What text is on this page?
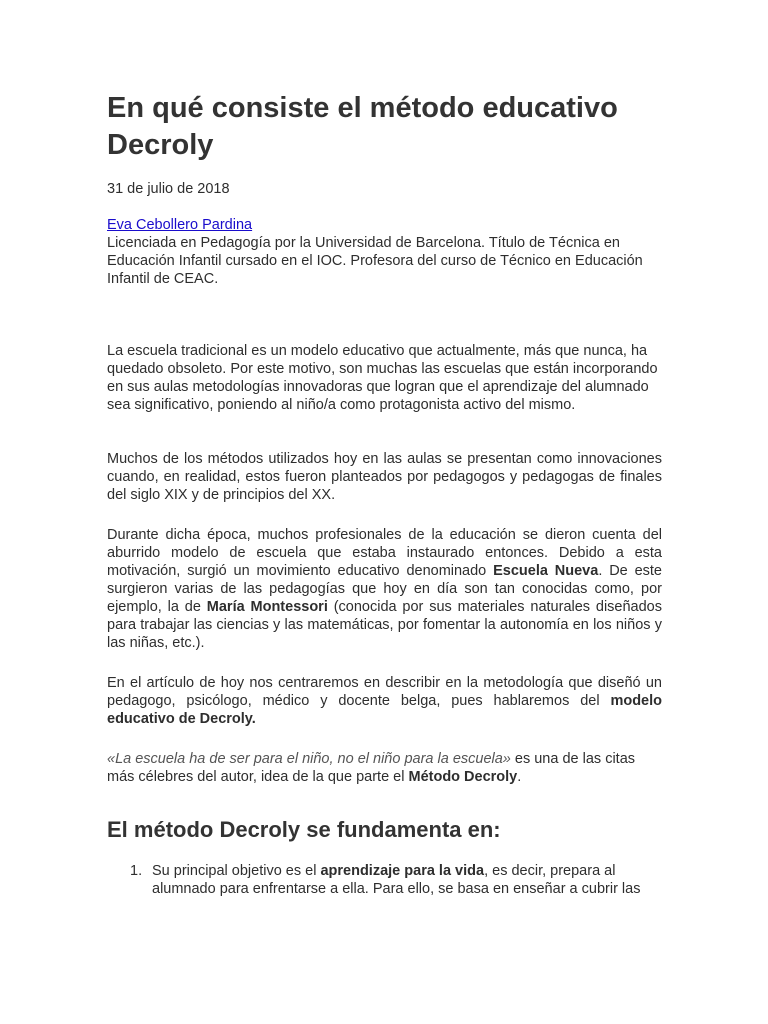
En qué consiste el método educativo Decroly
31 de julio de 2018
Eva Cebollero Pardina

Licenciada en Pedagogía por la Universidad de Barcelona. Título de Técnica en Educación Infantil cursado en el IOC. Profesora del curso de Técnico en Educación Infantil de CEAC.

La escuela tradicional es un modelo educativo que actualmente, más que nunca, ha quedado obsoleto. Por este motivo, son muchas las escuelas que están incorporando en sus aulas metodologías innovadoras que logran que el aprendizaje del alumnado sea significativo, poniendo al niño/a como protagonista activo del mismo.

Muchos de los métodos utilizados hoy en las aulas se presentan como innovaciones cuando, en realidad, estos fueron planteados por pedagogos y pedagogas de finales del siglo XIX y de principios del XX.

Durante dicha época, muchos profesionales de la educación se dieron cuenta del aburrido modelo de escuela que estaba instaurado entonces. Debido a esta motivación, surgió un movimiento educativo denominado Escuela Nueva. De este surgieron varias de las pedagogías que hoy en día son tan conocidas como, por ejemplo, la de María Montessori (conocida por sus materiales naturales diseñados para trabajar las ciencias y las matemáticas, por fomentar la autonomía en los niños y las niñas, etc.).

En el artículo de hoy nos centraremos en describir en la metodología que diseñó un pedagogo, psicólogo, médico y docente belga, pues hablaremos del modelo educativo de Decroly.

«La escuela ha de ser para el niño, no el niño para la escuela» es una de las citas más célebres del autor, idea de la que parte el Método Decroly.

El método Decroly se fundamenta en:
1. Su principal objetivo es el aprendizaje para la vida, es decir, prepara al alumnado para enfrentarse a ella. Para ello, se basa en enseñar a cubrir las
